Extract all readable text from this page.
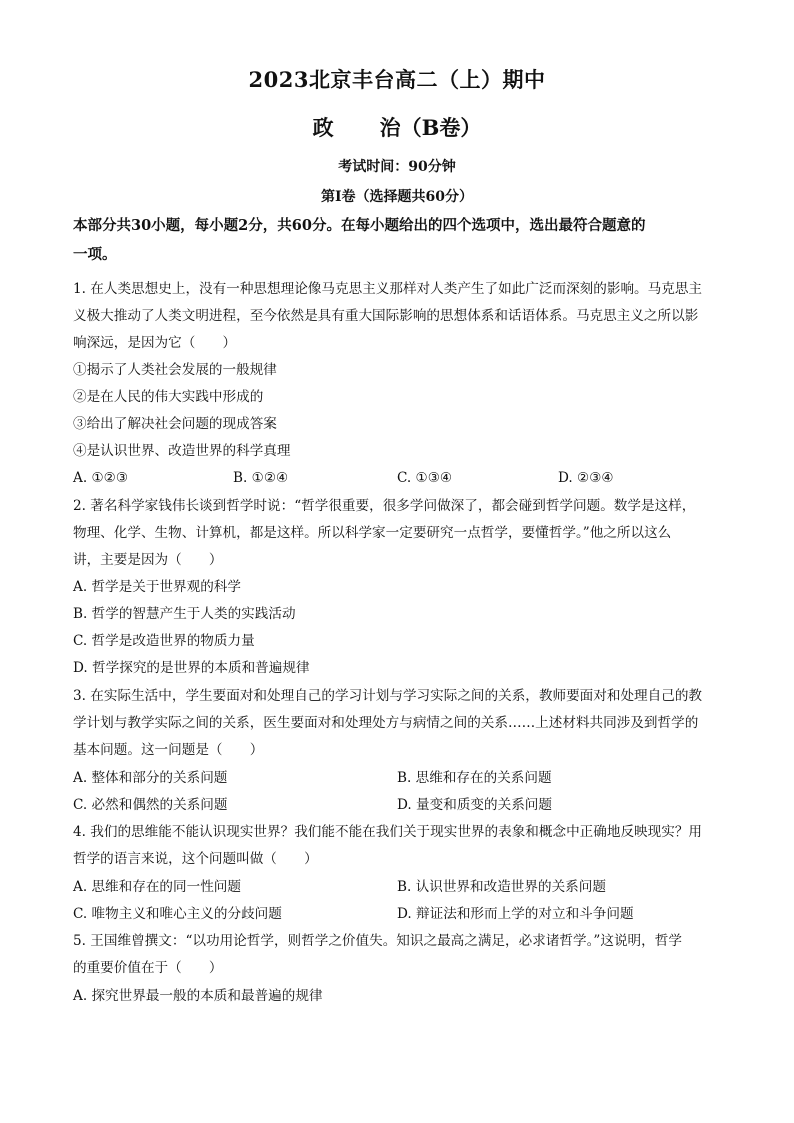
2023北京丰台高二（上）期中
政 治（B卷）
考试时间：90分钟
第Ⅰ卷（选择题共60分）
本部分共30小题，每小题2分，共60分。在每小题给出的四个选项中，选出最符合题意的
一项。
1. 在人类思想史上，没有一种思想理论像马克思主义那样对人类产生了如此广泛而深刻的影响。马克思主
义极大推动了人类文明进程，至今依然是具有重大国际影响的思想体系和话语体系。马克思主义之所以影
响深远，是因为它（　　）
①揭示了人类社会发展的一般规律
②是在人民的伟大实践中形成的
③给出了解决社会问题的现成答案
④是认识世界、改造世界的科学真理
A. ①②③	B. ①②④	C. ①③④	D. ②③④
2. 著名科学家钱伟长谈到哲学时说：“哲学很重要，很多学问做深了，都会碰到哲学问题。数学是这样，
物理、化学、生物、计算机，都是这样。所以科学家一定要研究一点哲学，要懂哲学。”他之所以这么
讲，主要是因为（　　）
A. 哲学是关于世界观的科学
B. 哲学的智慧产生于人类的实践活动
C. 哲学是改造世界的物质力量
D. 哲学探究的是世界的本质和普遍规律
3. 在实际生活中，学生要面对和处理自己的学习计划与学习实际之间的关系，教师要面对和处理自己的教
学计划与教学实际之间的关系，医生要面对和处理处方与病情之间的关系……上述材料共同涉及到哲学的
基本问题。这一问题是（　　）
A. 整体和部分的关系问题	B. 思维和存在的关系问题
C. 必然和偶然的关系问题	D. 量变和质变的关系问题
4. 我们的思维能不能认识现实世界？我们能不能在我们关于现实世界的表象和概念中正确地反映现实？用
哲学的语言来说，这个问题叫做（　　）
A. 思维和存在的同一性问题	B. 认识世界和改造世界的关系问题
C. 唯物主义和唯心主义的分歧问题	D. 辩证法和形而上学的对立和斗争问题
5. 王国维曾撰文：“以功用论哲学，则哲学之价值失。知识之最高之满足，必求诸哲学。”这说明，哲学
的重要价值在于（　　）
A. 探究世界最一般的本质和最普遍的规律
